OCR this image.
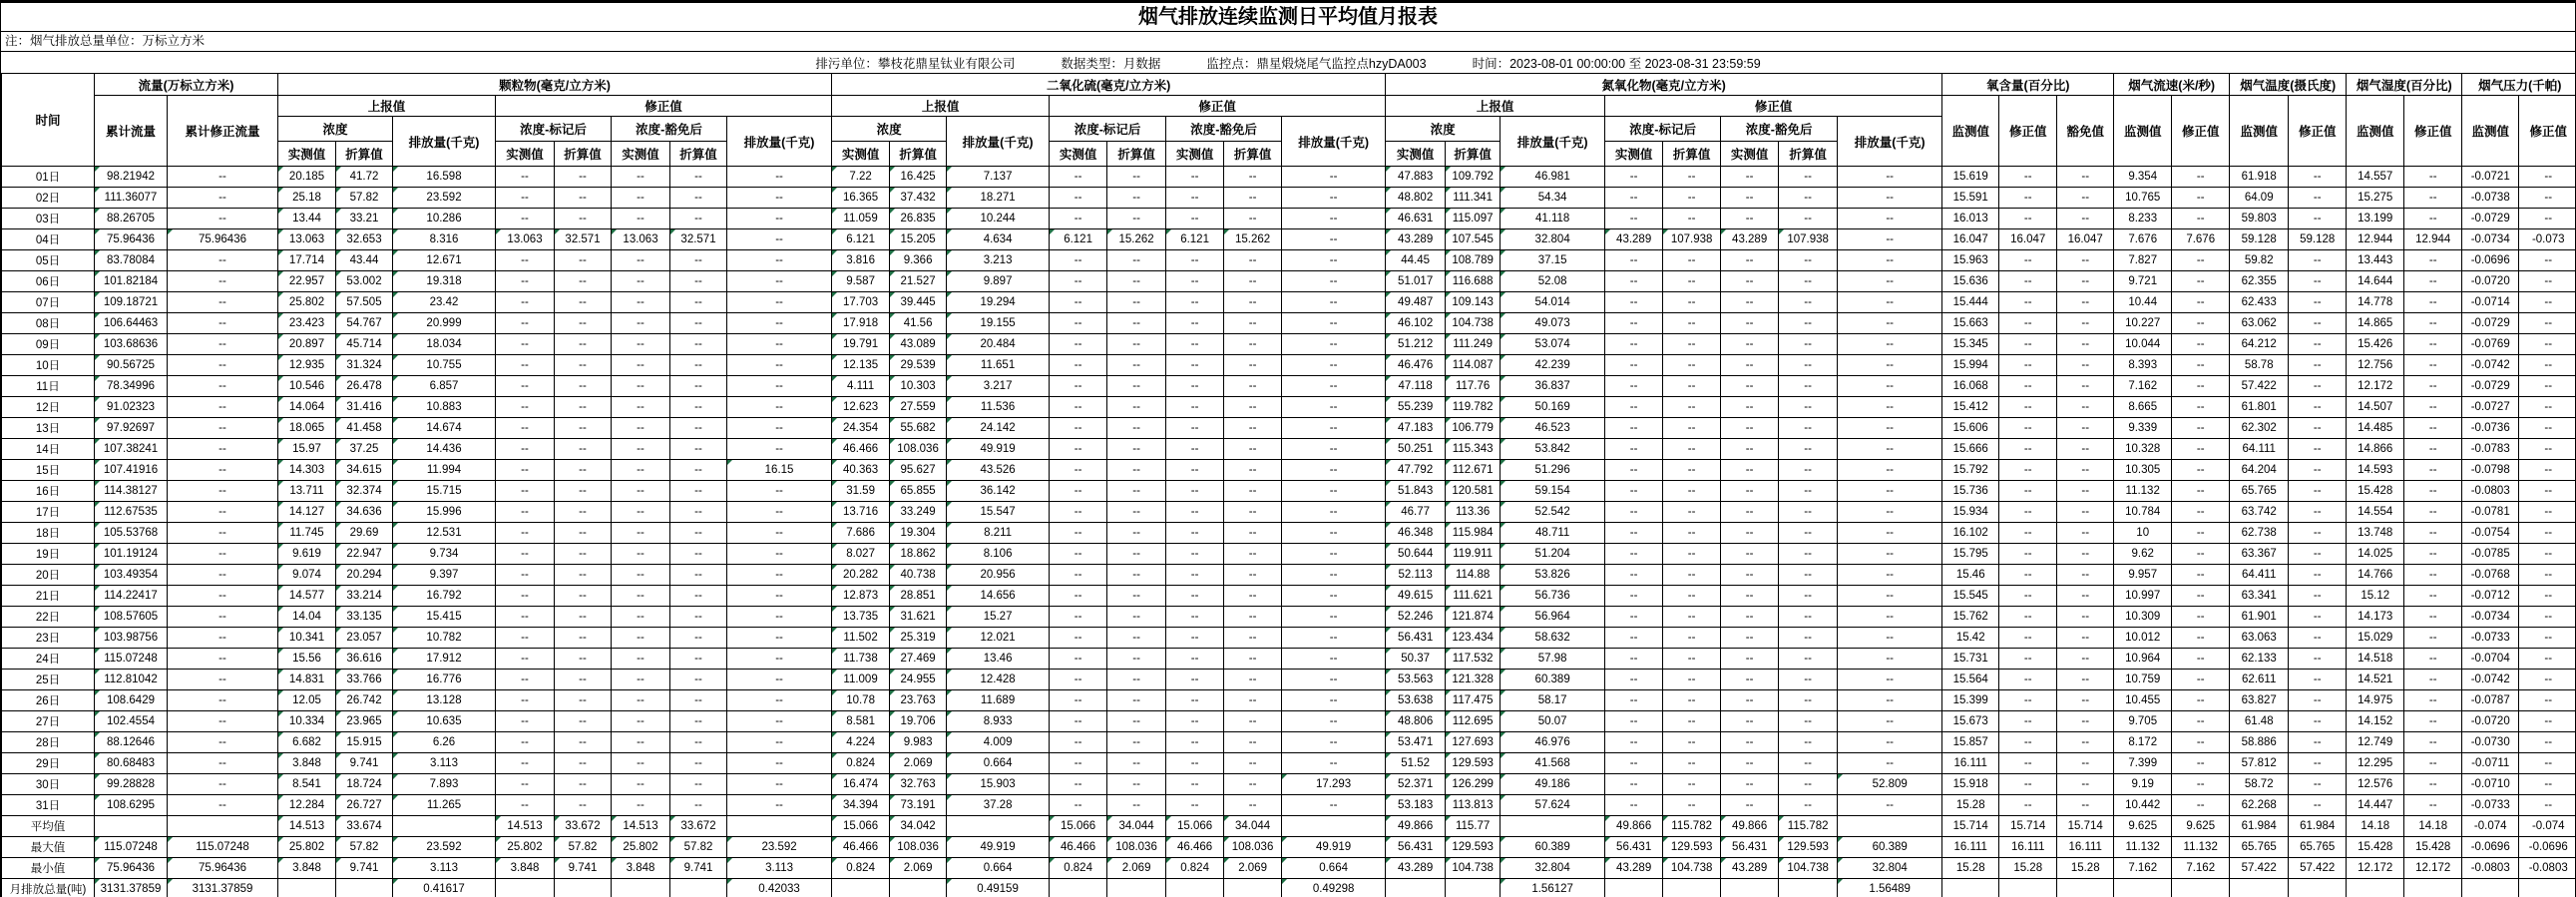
烟气排放连续监测日平均值月报表
注：烟气排放总量单位：万标立方米
排污单位：攀枝花鼎星钛业有限公司	数据类型：月数据	监控点：鼎星煅烧尾气监控点hzyDA003	时间：2023-08-01 00:00:00 至 2023-08-31 23:59:59
时间	流量(万标立方米)		颗粒物(毫克/立方米)								二氧化硫(毫克/立方米)								氮氧化物(毫克/立方米)								氧含量(百分比)			烟气流速(米/秒)		烟气温度(摄氏度)		烟气湿度(百分比)		烟气压力(千帕)	
	累计流量	累计修正流量	上报值			修正值					上报值			修正值					上报值			修正值					监测值	修正值	豁免值	监测值	修正值	监测值	修正值	监测值	修正值	监测值	修正值
			浓度		排放量(千克)	浓度-标记后		浓度-豁免后		排放量(千克)	浓度		排放量(千克)	浓度-标记后		浓度-豁免后		排放量(千克)	浓度		排放量(千克)	浓度-标记后		浓度-豁免后		排放量(千克)											
			实测值	折算值		实测值	折算值	实测值	折算值		实测值	折算值		实测值	折算值	实测值	折算值		实测值	折算值		实测值	折算值	实测值	折算值												
01日	98.21942	--	20.185	41.72	16.598	--	--	--	--	--	7.22	16.425	7.137	--	--	--	--	--	47.883	109.792	46.981	--	--	--	--	--	15.619	--	--	9.354	--	61.918	--	14.557	--	-0.0721	--
02日	111.36077	--	25.18	57.82	23.592	--	--	--	--	--	16.365	37.432	18.271	--	--	--	--	--	48.802	111.341	54.34	--	--	--	--	--	15.591	--	--	10.765	--	64.09	--	15.275	--	-0.0738	--
03日	88.26705	--	13.44	33.21	10.286	--	--	--	--	--	11.059	26.835	10.244	--	--	--	--	--	46.631	115.097	41.118	--	--	--	--	--	16.013	--	--	8.233	--	59.803	--	13.199	--	-0.0729	--
04日	75.96436	75.96436	13.063	32.653	8.316	13.063	32.571	13.063	32.571	--	6.121	15.205	4.634	6.121	15.262	6.121	15.262	--	43.289	107.545	32.804	43.289	107.938	43.289	107.938	--	16.047	16.047	16.047	7.676	7.676	59.128	59.128	12.944	12.944	-0.0734	-0.073
05日	83.78084	--	17.714	43.44	12.671	--	--	--	--	--	3.816	9.366	3.213	--	--	--	--	--	44.45	108.789	37.15	--	--	--	--	--	15.963	--	--	7.827	--	59.82	--	13.443	--	-0.0696	--
06日	101.82184	--	22.957	53.002	19.318	--	--	--	--	--	9.587	21.527	9.897	--	--	--	--	--	51.017	116.688	52.08	--	--	--	--	--	15.636	--	--	9.721	--	62.355	--	14.644	--	-0.0720	--
07日	109.18721	--	25.802	57.505	23.42	--	--	--	--	--	17.703	39.445	19.294	--	--	--	--	--	49.487	109.143	54.014	--	--	--	--	--	15.444	--	--	10.44	--	62.433	--	14.778	--	-0.0714	--
08日	106.64463	--	23.423	54.767	20.999	--	--	--	--	--	17.918	41.56	19.155	--	--	--	--	--	46.102	104.738	49.073	--	--	--	--	--	15.663	--	--	10.227	--	63.062	--	14.865	--	-0.0729	--
09日	103.68636	--	20.897	45.714	18.034	--	--	--	--	--	19.791	43.089	20.484	--	--	--	--	--	51.212	111.249	53.074	--	--	--	--	--	15.345	--	--	10.044	--	64.212	--	15.426	--	-0.0769	--
10日	90.56725	--	12.935	31.324	10.755	--	--	--	--	--	12.135	29.539	11.651	--	--	--	--	--	46.476	114.087	42.239	--	--	--	--	--	15.994	--	--	8.393	--	58.78	--	12.756	--	-0.0742	--
11日	78.34996	--	10.546	26.478	6.857	--	--	--	--	--	4.111	10.303	3.217	--	--	--	--	--	47.118	117.76	36.837	--	--	--	--	--	16.068	--	--	7.162	--	57.422	--	12.172	--	-0.0729	--
12日	91.02323	--	14.064	31.416	10.883	--	--	--	--	--	12.623	27.559	11.536	--	--	--	--	--	55.239	119.782	50.169	--	--	--	--	--	15.412	--	--	8.665	--	61.801	--	14.507	--	-0.0727	--
13日	97.92697	--	18.065	41.458	14.674	--	--	--	--	--	24.354	55.682	24.142	--	--	--	--	--	47.183	106.779	46.523	--	--	--	--	--	15.606	--	--	9.339	--	62.302	--	14.485	--	-0.0736	--
14日	107.38241	--	15.97	37.25	14.436	--	--	--	--	--	46.466	108.036	49.919	--	--	--	--	--	50.251	115.343	53.842	--	--	--	--	--	15.666	--	--	10.328	--	64.111	--	14.866	--	-0.0783	--
15日	107.41916	--	14.303	34.615	11.994	--	--	--	--	16.15	40.363	95.627	43.526	--	--	--	--	--	47.792	112.671	51.296	--	--	--	--	--	15.792	--	--	10.305	--	64.204	--	14.593	--	-0.0798	--
16日	114.38127	--	13.711	32.374	15.715	--	--	--	--	--	31.59	65.855	36.142	--	--	--	--	--	51.843	120.581	59.154	--	--	--	--	--	15.736	--	--	11.132	--	65.765	--	15.428	--	-0.0803	--
17日	112.67535	--	14.127	34.636	15.996	--	--	--	--	--	13.716	33.249	15.547	--	--	--	--	--	46.77	113.36	52.542	--	--	--	--	--	15.934	--	--	10.784	--	63.742	--	14.554	--	-0.0781	--
18日	105.53768	--	11.745	29.69	12.531	--	--	--	--	--	7.686	19.304	8.211	--	--	--	--	--	46.348	115.984	48.711	--	--	--	--	--	16.102	--	--	10	--	62.738	--	13.748	--	-0.0754	--
19日	101.19124	--	9.619	22.947	9.734	--	--	--	--	--	8.027	18.862	8.106	--	--	--	--	--	50.644	119.911	51.204	--	--	--	--	--	15.795	--	--	9.62	--	63.367	--	14.025	--	-0.0785	--
20日	103.49354	--	9.074	20.294	9.397	--	--	--	--	--	20.282	40.738	20.956	--	--	--	--	--	52.113	114.88	53.826	--	--	--	--	--	15.46	--	--	9.957	--	64.411	--	14.766	--	-0.0768	--
21日	114.22417	--	14.577	33.214	16.792	--	--	--	--	--	12.873	28.851	14.656	--	--	--	--	--	49.615	111.621	56.736	--	--	--	--	--	15.545	--	--	10.997	--	63.341	--	15.12	--	-0.0712	--
22日	108.57605	--	14.04	33.135	15.415	--	--	--	--	--	13.735	31.621	15.27	--	--	--	--	--	52.246	121.874	56.964	--	--	--	--	--	15.762	--	--	10.309	--	61.901	--	14.173	--	-0.0734	--
23日	103.98756	--	10.341	23.057	10.782	--	--	--	--	--	11.502	25.319	12.021	--	--	--	--	--	56.431	123.434	58.632	--	--	--	--	--	15.42	--	--	10.012	--	63.063	--	15.029	--	-0.0733	--
24日	115.07248	--	15.56	36.616	17.912	--	--	--	--	--	11.738	27.469	13.46	--	--	--	--	--	50.37	117.532	57.98	--	--	--	--	--	15.731	--	--	10.964	--	62.133	--	14.518	--	-0.0704	--
25日	112.81042	--	14.831	33.766	16.776	--	--	--	--	--	11.009	24.955	12.428	--	--	--	--	--	53.563	121.328	60.389	--	--	--	--	--	15.564	--	--	10.759	--	62.611	--	14.521	--	-0.0742	--
26日	108.6429	--	12.05	26.742	13.128	--	--	--	--	--	10.78	23.763	11.689	--	--	--	--	--	53.638	117.475	58.17	--	--	--	--	--	15.399	--	--	10.455	--	63.827	--	14.975	--	-0.0787	--
27日	102.4554	--	10.334	23.965	10.635	--	--	--	--	--	8.581	19.706	8.933	--	--	--	--	--	48.806	112.695	50.07	--	--	--	--	--	15.673	--	--	9.705	--	61.48	--	14.152	--	-0.0720	--
28日	88.12646	--	6.682	15.915	6.26	--	--	--	--	--	4.224	9.983	4.009	--	--	--	--	--	53.471	127.693	46.976	--	--	--	--	--	15.857	--	--	8.172	--	58.886	--	12.749	--	-0.0730	--
29日	80.68483	--	3.848	9.741	3.113	--	--	--	--	--	0.824	2.069	0.664	--	--	--	--	--	51.52	129.593	41.568	--	--	--	--	--	16.111	--	--	7.399	--	57.812	--	12.295	--	-0.0711	--
30日	99.28828	--	8.541	18.724	7.893	--	--	--	--	--	16.474	32.763	15.903	--	--	--	--	17.293	52.371	126.299	49.186	--	--	--	--	52.809	15.918	--	--	9.19	--	58.72	--	12.576	--	-0.0710	--
31日	108.6295	--	12.284	26.727	11.265	--	--	--	--	--	34.394	73.191	37.28	--	--	--	--	--	53.183	113.813	57.624	--	--	--	--	--	15.28	--	--	10.442	--	62.268	--	14.447	--	-0.0733	--
平均值			14.513	33.674		14.513	33.672	14.513	33.672		15.066	34.042		15.066	34.044	15.066	34.044		49.866	115.77		49.866	115.782	49.866	115.782		15.714	15.714	15.714	9.625	9.625	61.984	61.984	14.18	14.18	-0.074	-0.074
最大值	115.07248	115.07248	25.802	57.82	23.592	25.802	57.82	25.802	57.82	23.592	46.466	108.036	49.919	46.466	108.036	46.466	108.036	49.919	56.431	129.593	60.389	56.431	129.593	56.431	129.593	60.389	16.111	16.111	16.111	11.132	11.132	65.765	65.765	15.428	15.428	-0.0696	-0.0696
最小值	75.96436	75.96436	3.848	9.741	3.113	3.848	9.741	3.848	9.741	3.113	0.824	2.069	0.664	0.824	2.069	0.824	2.069	0.664	43.289	104.738	32.804	43.289	104.738	43.289	104.738	32.804	15.28	15.28	15.28	7.162	7.162	57.422	57.422	12.172	12.172	-0.0803	-0.0803
月排放总量(吨)	3131.37859	3131.37859			0.41617					0.42033			0.49159					0.49298			1.56127					1.56489											
